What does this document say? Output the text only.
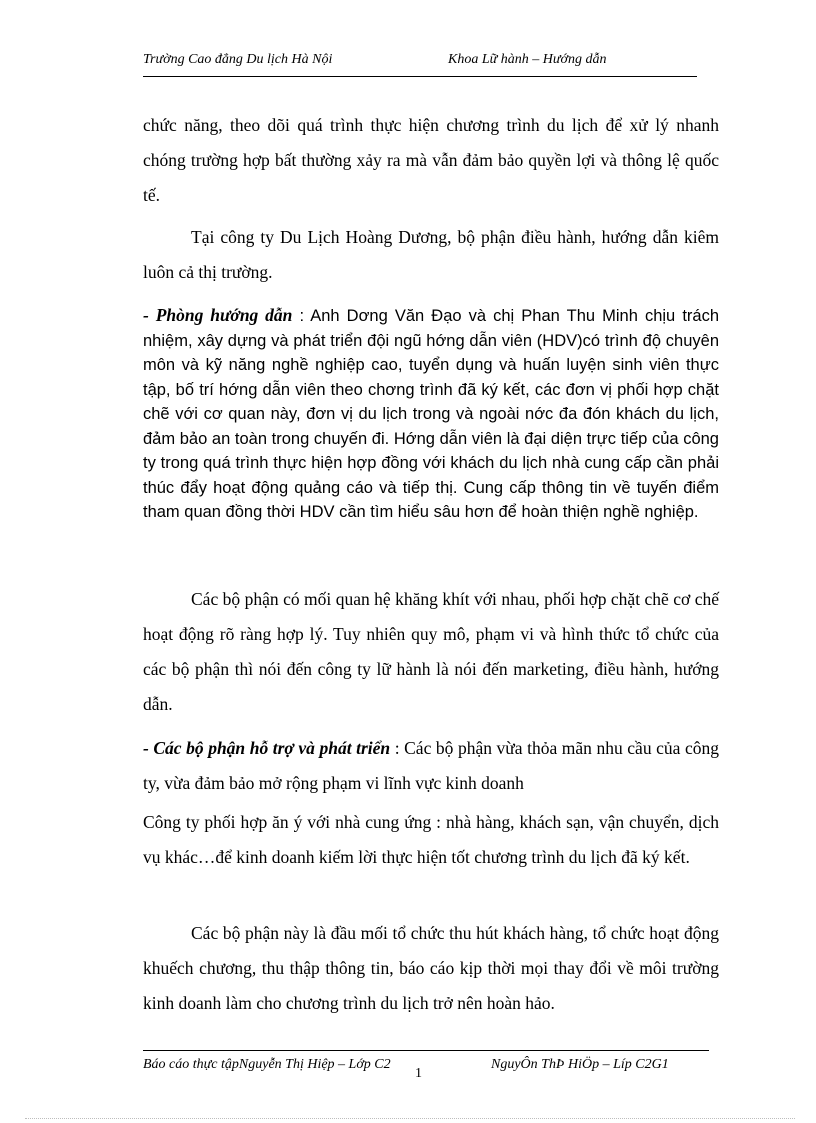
Trường Cao đẳng Du lịch Hà Nội	Khoa Lữ hành – Hướng dẫn

chức năng, theo dõi quá trình thực hiện chương trình du lịch để xử lý nhanh chóng trường hợp bất thường xảy ra mà vẫn đảm bảo quyền lợi và thông lệ quốc tế.

Tại công ty Du Lịch Hoàng Dương, bộ phận điều hành, hướng dẫn kiêm luôn cả thị trường.

- Phòng hướng dẫn : Anh Dơng Văn Đạo và chị Phan Thu Minh chịu trách nhiệm, xây dựng và phát triển đội ngũ hớng dẫn viên (HDV)có trình độ chuyên môn và kỹ năng nghề nghiệp cao, tuyển dụng và huấn luyện sinh viên thực tập, bố trí hớng dẫn viên theo chơng trình đã ký kết, các đơn vị phối hợp chặt chẽ với cơ quan này, đơn vị du lịch trong và ngoài nớc đa đón khách du lịch, đảm bảo an toàn trong chuyến đi. Hớng dẫn viên là đại diện trực tiếp của công ty trong quá trình thực hiện hợp đồng với khách du lịch nhà cung cấp cần phải thúc đẩy hoạt động quảng cáo và tiếp thị. Cung cấp thông tin về tuyến điểm tham quan đồng thời HDV cần tìm hiểu sâu hơn để hoàn thiện nghề nghiệp.

Các bộ phận có mối quan hệ khăng khít với nhau, phối hợp chặt chẽ cơ chế hoạt động rõ ràng hợp lý. Tuy nhiên quy mô, phạm vi và hình thức tổ chức của các bộ phận thì nói đến công ty lữ hành là nói đến marketing, điều hành, hướng dẫn.

- Các bộ phận hỗ trợ và phát triển : Các bộ phận vừa thỏa mãn nhu cầu của công ty, vừa đảm bảo mở rộng phạm vi lĩnh vực kinh doanh

Công ty phối hợp ăn ý với nhà cung ứng : nhà hàng, khách sạn, vận chuyển, dịch vụ khác…để kinh doanh kiếm lời thực hiện tốt chương trình du lịch đã ký kết.

Các bộ phận này là đầu mối tổ chức thu hút khách hàng, tổ chức hoạt động khuếch chương, thu thập thông tin, báo cáo kịp thời mọi thay đổi về môi trường kinh doanh làm cho chương trình du lịch trở nên hoàn hảo.

Báo cáo thực tậpNguyễn Thị Hiệp – Lớp C2	NguyÔn ThÞ HiÖp – Líp C2G1
1
